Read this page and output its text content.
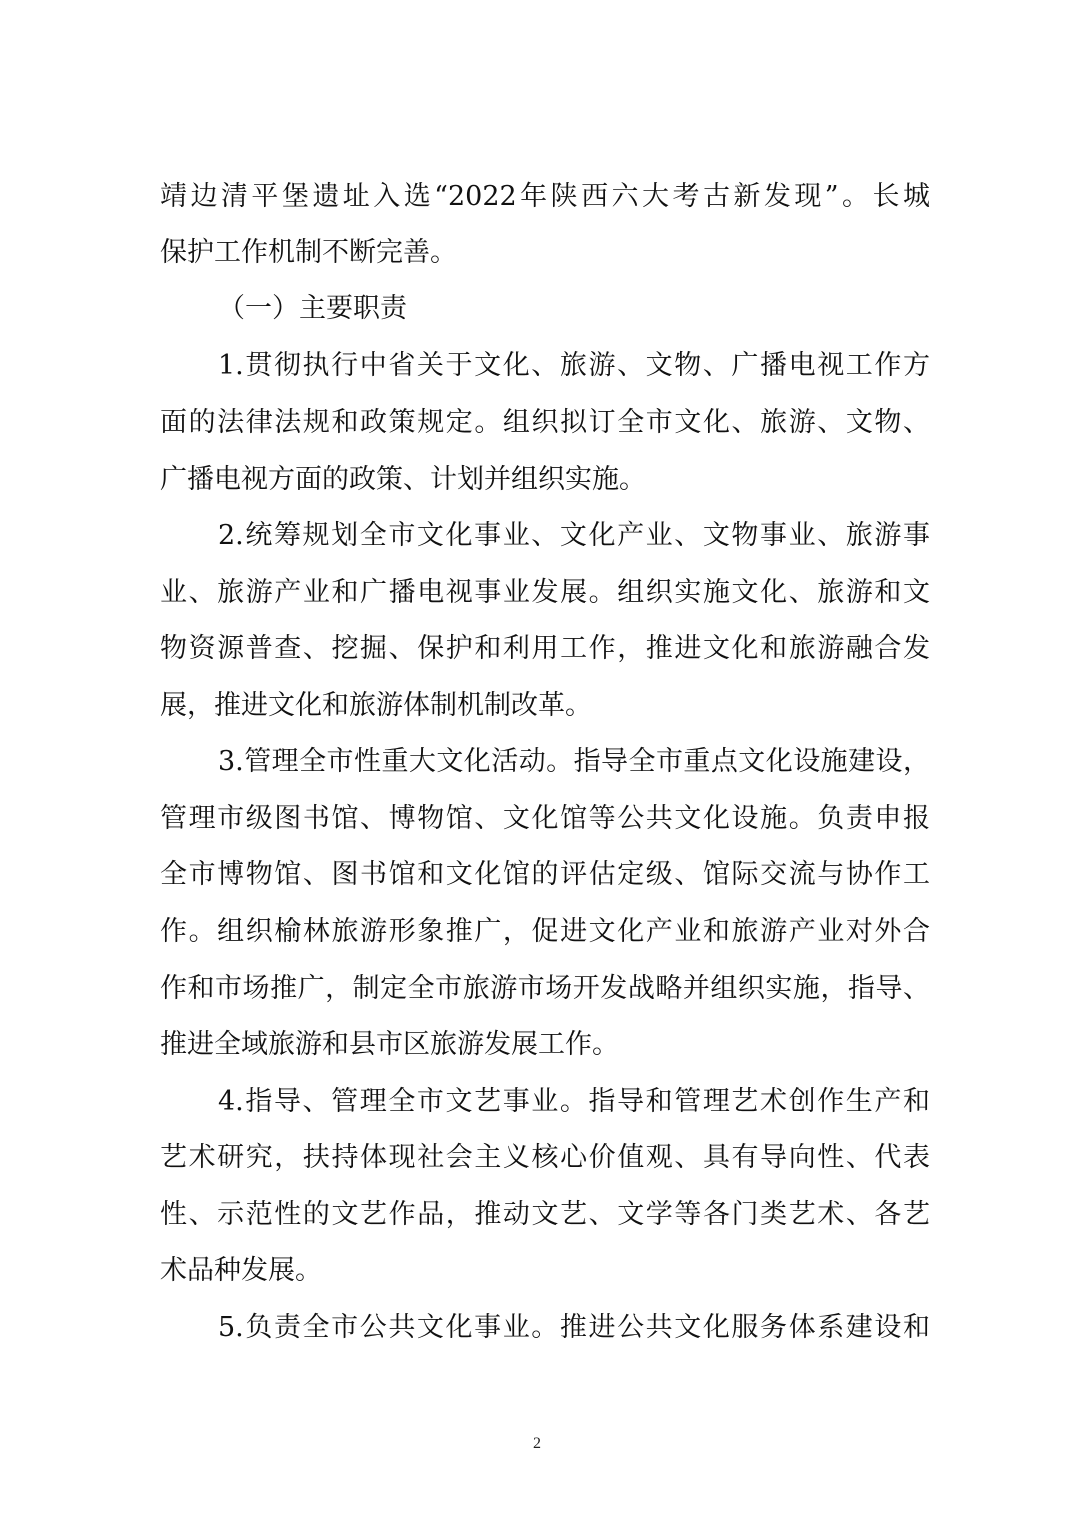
靖边清平堡遗址入选“2022年陕西六大考古新发现”。长城
保护工作机制不断完善。
（一）主要职责
1.贯彻执行中省关于文化、旅游、文物、广播电视工作方
面的法律法规和政策规定。组织拟订全市文化、旅游、文物、
广播电视方面的政策、计划并组织实施。
2.统筹规划全市文化事业、文化产业、文物事业、旅游事
业、旅游产业和广播电视事业发展。组织实施文化、旅游和文
物资源普查、挖掘、保护和利用工作，推进文化和旅游融合发
展，推进文化和旅游体制机制改革。
3.管理全市性重大文化活动。指导全市重点文化设施建设，
管理市级图书馆、博物馆、文化馆等公共文化设施。负责申报
全市博物馆、图书馆和文化馆的评估定级、馆际交流与协作工
作。组织榆林旅游形象推广，促进文化产业和旅游产业对外合
作和市场推广，制定全市旅游市场开发战略并组织实施，指导、
推进全域旅游和县市区旅游发展工作。
4.指导、管理全市文艺事业。指导和管理艺术创作生产和
艺术研究，扶持体现社会主义核心价值观、具有导向性、代表
性、示范性的文艺作品，推动文艺、文学等各门类艺术、各艺
术品种发展。
5.负责全市公共文化事业。推进公共文化服务体系建设和
2
